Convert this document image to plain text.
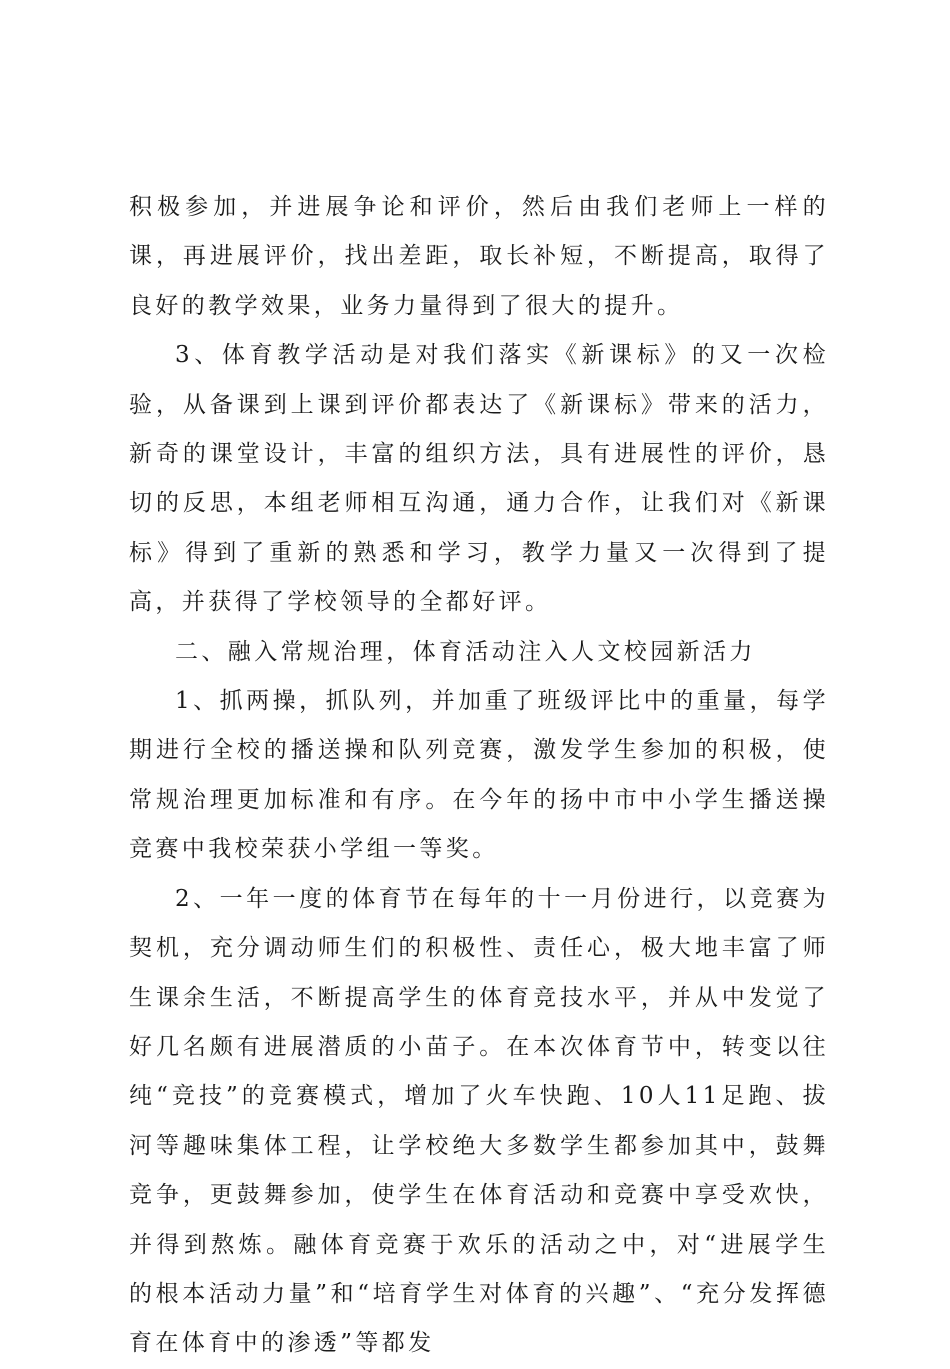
积极参加，并进展争论和评价，然后由我们老师上一样的课，再进展评价，找出差距，取长补短，不断提高，取得了良好的教学效果，业务力量得到了很大的提升。

3、体育教学活动是对我们落实《新课标》的又一次检验，从备课到上课到评价都表达了《新课标》带来的活力，新奇的课堂设计，丰富的组织方法，具有进展性的评价，恳切的反思，本组老师相互沟通，通力合作，让我们对《新课标》得到了重新的熟悉和学习，教学力量又一次得到了提高，并获得了学校领导的全都好评。

二、融入常规治理，体育活动注入人文校园新活力

1、抓两操，抓队列，并加重了班级评比中的重量，每学期进行全校的播送操和队列竞赛，激发学生参加的积极，使常规治理更加标准和有序。在今年的扬中市中小学生播送操竞赛中我校荣获小学组一等奖。

2、一年一度的体育节在每年的十一月份进行，以竞赛为契机，充分调动师生们的积极性、责任心，极大地丰富了师生课余生活，不断提高学生的体育竞技水平，并从中发觉了好几名颇有进展潜质的小苗子。在本次体育节中，转变以往纯“竞技”的竞赛模式，增加了火车快跑、10人11足跑、拔河等趣味集体工程，让学校绝大多数学生都参加其中，鼓舞竞争，更鼓舞参加，使学生在体育活动和竞赛中享受欢快，并得到熬炼。融体育竞赛于欢乐的活动之中，对“进展学生的根本活动力量”和“培育学生对体育的兴趣”、“充分发挥德育在体育中的渗透”等都发
